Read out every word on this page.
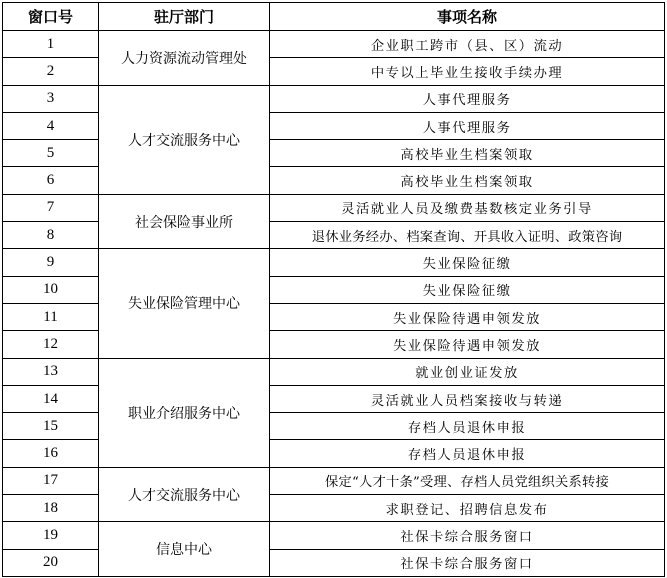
窗口号	驻厅部门	事项名称
1	人力资源流动管理处	企业职工跨市（县、区）流动
2		中专以上毕业生接收手续办理
3	人才交流服务中心	人事代理服务
4		人事代理服务
5		高校毕业生档案领取
6		高校毕业生档案领取
7	社会保险事业所	灵活就业人员及缴费基数核定业务引导
8		退休业务经办、档案查询、开具收入证明、政策咨询
9	失业保险管理中心	失业保险征缴
10		失业保险征缴
11		失业保险待遇申领发放
12		失业保险待遇申领发放
13	职业介绍服务中心	就业创业证发放
14		灵活就业人员档案接收与转递
15		存档人员退休申报
16		存档人员退休申报
17	人才交流服务中心	保定“人才十条”受理、存档人员党组织关系转接
18		求职登记、招聘信息发布
19	信息中心	社保卡综合服务窗口
20		社保卡综合服务窗口
